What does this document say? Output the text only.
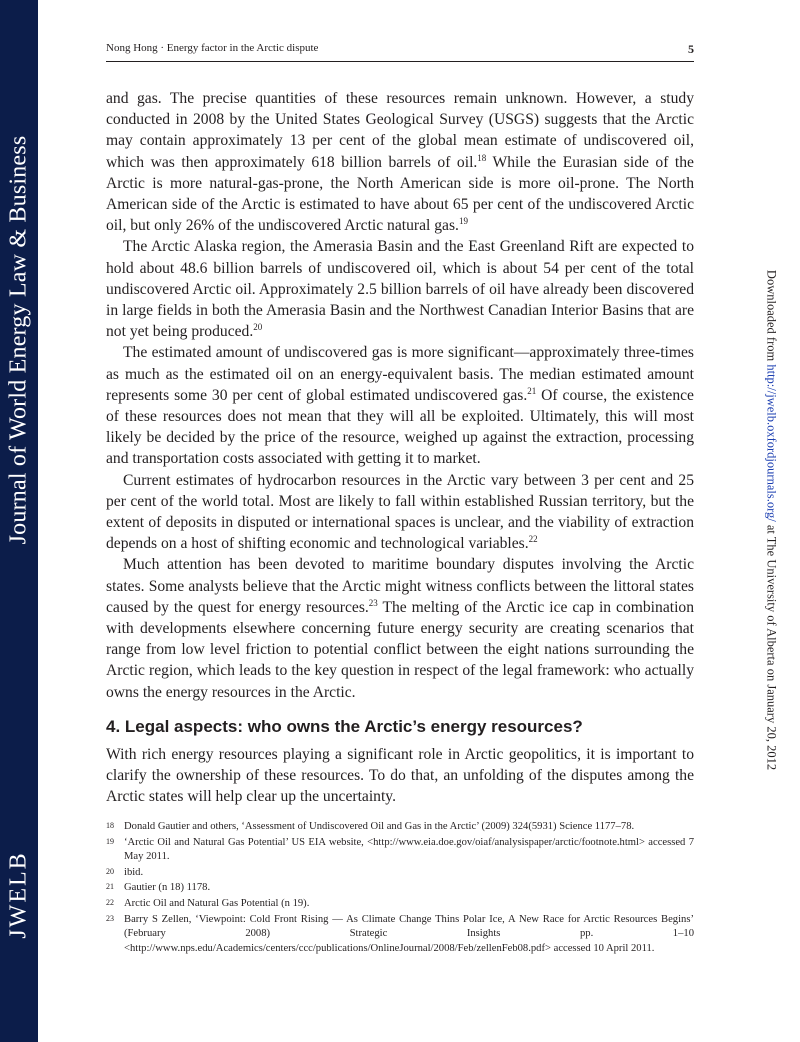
Journal of World Energy Law & Business
JWELB
Nong Hong · Energy factor in the Arctic dispute	5
Downloaded from http://jwelb.oxfordjournals.org/ at The University of Alberta on January 20, 2012

and gas. The precise quantities of these resources remain unknown. However, a study conducted in 2008 by the United States Geological Survey (USGS) suggests that the Arctic may contain approximately 13 per cent of the global mean estimate of undiscovered oil, which was then approximately 618 billion barrels of oil.$^{18}$ While the Eurasian side of the Arctic is more natural-gas-prone, the North American side is more oil-prone. The North American side of the Arctic is estimated to have about 65 per cent of the undiscovered Arctic oil, but only 26% of the undiscovered Arctic natural gas.$^{19}$

The Arctic Alaska region, the Amerasia Basin and the East Greenland Rift are expected to hold about 48.6 billion barrels of undiscovered oil, which is about 54 per cent of the total undiscovered Arctic oil. Approximately 2.5 billion barrels of oil have already been discovered in large fields in both the Amerasia Basin and the Northwest Canadian Interior Basins that are not yet being produced.$^{20}$

The estimated amount of undiscovered gas is more significant—approximately three-times as much as the estimated oil on an energy-equivalent basis. The median estimated amount represents some 30 per cent of global estimated undiscovered gas.$^{21}$ Of course, the existence of these resources does not mean that they will all be exploited. Ultimately, this will most likely be decided by the price of the resource, weighed up against the extraction, processing and transportation costs associated with getting it to market.

Current estimates of hydrocarbon resources in the Arctic vary between 3 per cent and 25 per cent of the world total. Most are likely to fall within established Russian territory, but the extent of deposits in disputed or international spaces is unclear, and the viability of extraction depends on a host of shifting economic and technological variables.$^{22}$

Much attention has been devoted to maritime boundary disputes involving the Arctic states. Some analysts believe that the Arctic might witness conflicts between the littoral states caused by the quest for energy resources.$^{23}$ The melting of the Arctic ice cap in combination with developments elsewhere concerning future energy security are creating scenarios that range from low level friction to potential conflict between the eight nations surrounding the Arctic region, which leads to the key question in respect of the legal framework: who actually owns the energy resources in the Arctic.

4. Legal aspects: who owns the Arctic’s energy resources?

With rich energy resources playing a significant role in Arctic geopolitics, it is important to clarify the ownership of these resources. To do that, an unfolding of the disputes among the Arctic states will help clear up the uncertainty.

18 Donald Gautier and others, ‘Assessment of Undiscovered Oil and Gas in the Arctic’ (2009) 324(5931) Science 1177–78.
19 ‘Arctic Oil and Natural Gas Potential’ US EIA website, <http://www.eia.doe.gov/oiaf/analysispaper/arctic/footnote.html> accessed 7 May 2011.
20 ibid.
21 Gautier (n 18) 1178.
22 Arctic Oil and Natural Gas Potential (n 19).
23 Barry S Zellen, ‘Viewpoint: Cold Front Rising — As Climate Change Thins Polar Ice, A New Race for Arctic Resources Begins’ (February 2008) Strategic Insights pp. 1–10 <http://www.nps.edu/Academics/centers/ccc/publications/OnlineJournal/2008/Feb/zellenFeb08.pdf> accessed 10 April 2011.
